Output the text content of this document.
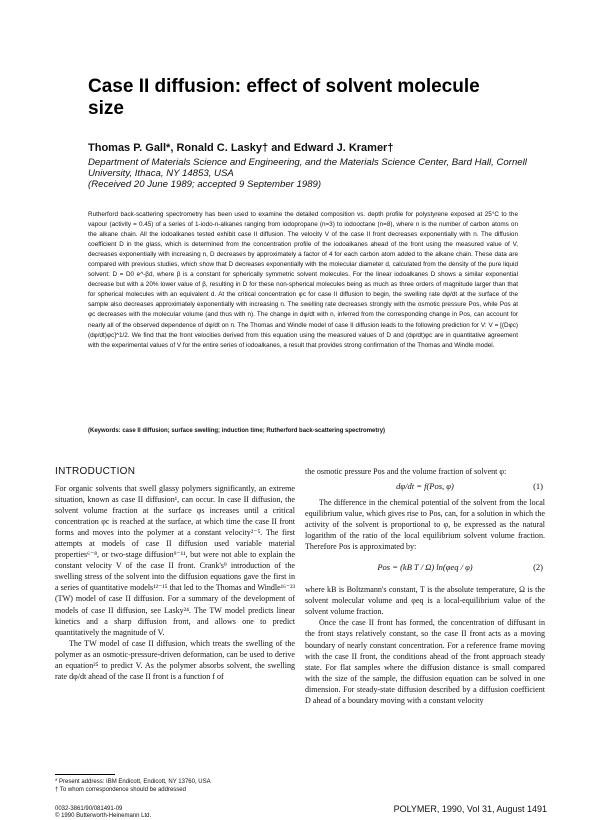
Case II diffusion: effect of solvent molecule size
Thomas P. Gall*, Ronald C. Lasky† and Edward J. Kramer†
Department of Materials Science and Engineering, and the Materials Science Center, Bard Hall, Cornell University, Ithaca, NY 14853, USA
(Received 20 June 1989; accepted 9 September 1989)
Rutherford back-scattering spectrometry has been used to examine the detailed composition vs. depth profile for polystyrene exposed at 25°C to the vapour (activity = 0.45) of a series of 1-iodo-n-alkanes ranging from iodopropane (n=3) to iodooctane (n=8), where n is the number of carbon atoms on the alkane chain. All the iodoalkanes tested exhibit case II diffusion. The velocity V of the case II front decreases exponentially with n. The diffusion coefficient D in the glass, which is determined from the concentration profile of the iodoalkanes ahead of the front using the measured value of V, decreases exponentially with increasing n, D decreases by approximately a factor of 4 for each carbon atom added to the alkane chain. These data are compared with previous studies, which show that D decreases exponentially with the molecular diameter d, calculated from the density of the pure liquid solvent: D = D0 e^-βd, where β is a constant for spherically symmetric solvent molecules. For the linear iodoalkanes D shows a similar exponential decrease but with a 20% lower value of β, resulting in D for these non-spherical molecules being as much as three orders of magnitude larger than that for spherical molecules with an equivalent d. At the critical concentration φc for case II diffusion to begin, the swelling rate dφ/dt at the surface of the sample also decreases approximately exponentially with increasing n. The swelling rate decreases strongly with the osmotic pressure Pos, while Pos at φc decreases with the molecular volume (and thus with n). The change in dφ/dt with n, inferred from the corresponding change in Pos, can account for nearly all of the observed dependence of dφ/dt on n. The Thomas and Windle model of case II diffusion leads to the following prediction for V: V = [(Dφc)(dφ/dt)φc]^1/2. We find that the front velocities derived from this equation using the measured values of D and (dφ/dt)φc are in quantitative agreement with the experimental values of V for the entire series of iodoalkanes, a result that provides strong confirmation of the Thomas and Windle model.
(Keywords: case II diffusion; surface swelling; induction time; Rutherford back-scattering spectrometry)
INTRODUCTION

For organic solvents that swell glassy polymers significantly, an extreme situation, known as case II diffusion¹, can occur. In case II diffusion, the solvent volume fraction at the surface φs increases until a critical concentration φc is reached at the surface, at which time the case II front forms and moves into the polymer at a constant velocity²⁻⁵. The first attempts at models of case II diffusion used variable material properties⁶⁻⁸, or two-stage diffusion⁹⁻¹¹, but were not able to explain the constant velocity V of the case II front. Crank's⁹ introduction of the swelling stress of the solvent into the diffusion equations gave the first in a series of quantitative models¹²⁻¹⁵ that led to the Thomas and Windle¹⁶⁻²³ (TW) model of case II diffusion. For a summary of the development of models of case II diffusion, see Lasky²⁴. The TW model predicts linear kinetics and a sharp diffusion front, and allows one to predict quantitatively the magnitude of V.

The TW model of case II diffusion, which treats the swelling of the polymer as an osmotic-pressure-driven deformation, can be used to derive an equation²⁵ to predict V. As the polymer absorbs solvent, the swelling rate dφ/dt ahead of the case II front is a function f of

the osmotic pressure Pos and the volume fraction of solvent φ:

dφ/dt = f(Pos, φ)	(1)

The difference in the chemical potential of the solvent from the local equilibrium value, which gives rise to Pos, can, for a solution in which the activity of the solvent is proportional to φ, be expressed as the natural logarithm of the ratio of the local equilibrium solvent volume fraction. Therefore Pos is approximated by:

Pos = (kB T / Ω) ln(φeq / φ)	(2)

where kB is Boltzmann's constant, T is the absolute temperature, Ω is the solvent molecular volume and φeq is a local-equilibrium value of the solvent volume fraction.

Once the case II front has formed, the concentration of diffusant in the front stays relatively constant, so the case II front acts as a moving boundary of nearly constant concentration. For a reference frame moving with the case II front, the conditions ahead of the front approach steady state. For flat samples where the diffusion distance is small compared with the size of the sample, the diffusion equation can be solved in one dimension. For steady-state diffusion described by a diffusion coefficient D ahead of a boundary moving with a constant velocity

* Present address: IBM Endicott, Endicott, NY 13760, USA
† To whom correspondence should be addressed
0032-3861/90/081491-09
© 1990 Butterworth-Heinemann Ltd.
POLYMER, 1990, Vol 31, August 1491
